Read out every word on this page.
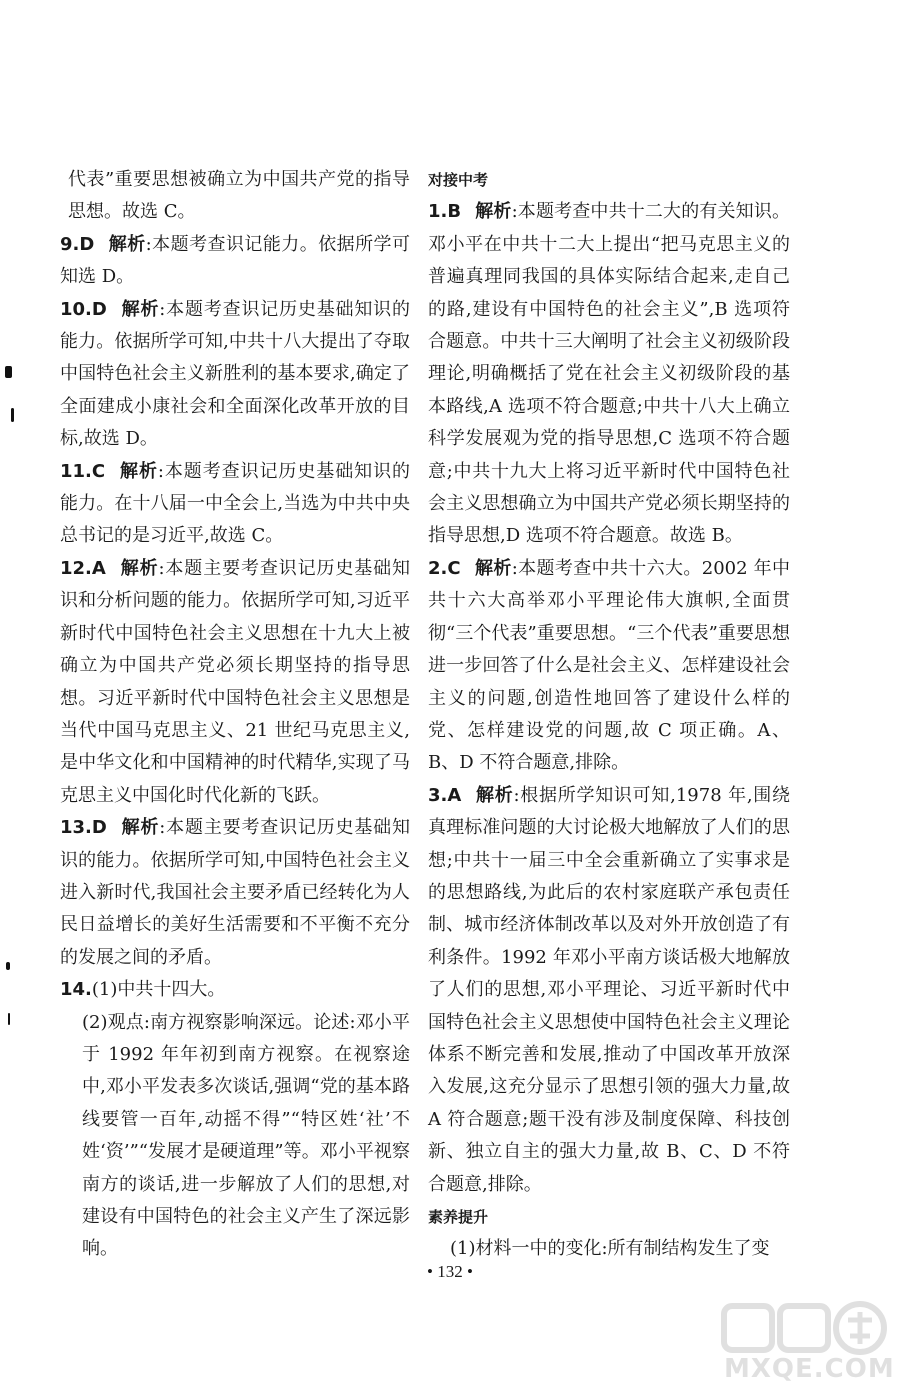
代表”重要思想被确立为中国共产党的指导思想。故选 C。

9.D 解析:本题考查识记能力。依据所学可知选 D。

10.D 解析:本题考查识记历史基础知识的能力。依据所学可知,中共十八大提出了夺取中国特色社会主义新胜利的基本要求,确定了全面建成小康社会和全面深化改革开放的目标,故选 D。

11.C 解析:本题考查识记历史基础知识的能力。在十八届一中全会上,当选为中共中央总书记的是习近平,故选 C。

12.A 解析:本题主要考查识记历史基础知识和分析问题的能力。依据所学可知,习近平新时代中国特色社会主义思想在十九大上被确立为中国共产党必须长期坚持的指导思想。习近平新时代中国特色社会主义思想是当代中国马克思主义、21 世纪马克思主义,是中华文化和中国精神的时代精华,实现了马克思主义中国化时代化新的飞跃。

13.D 解析:本题主要考查识记历史基础知识的能力。依据所学可知,中国特色社会主义进入新时代,我国社会主要矛盾已经转化为人民日益增长的美好生活需要和不平衡不充分的发展之间的矛盾。

14.(1)中共十四大。

(2)观点:南方视察影响深远。论述:邓小平于 1992 年年初到南方视察。在视察途中,邓小平发表多次谈话,强调“党的基本路线要管一百年,动摇不得”“特区姓‘社’不姓‘资’”“发展才是硬道理”等。邓小平视察南方的谈话,进一步解放了人们的思想,对建设有中国特色的社会主义产生了深远影响。

对接中考

1.B 解析:本题考查中共十二大的有关知识。邓小平在中共十二大上提出“把马克思主义的普遍真理同我国的具体实际结合起来,走自己的路,建设有中国特色的社会主义”,B 选项符合题意。中共十三大阐明了社会主义初级阶段理论,明确概括了党在社会主义初级阶段的基本路线,A 选项不符合题意;中共十八大上确立科学发展观为党的指导思想,C 选项不符合题意;中共十九大上将习近平新时代中国特色社会主义思想确立为中国共产党必须长期坚持的指导思想,D 选项不符合题意。故选 B。

2.C 解析:本题考查中共十六大。2002 年中共十六大高举邓小平理论伟大旗帜,全面贯彻“三个代表”重要思想。“三个代表”重要思想进一步回答了什么是社会主义、怎样建设社会主义的问题,创造性地回答了建设什么样的党、怎样建设党的问题,故 C 项正确。A、B、D 不符合题意,排除。

3.A 解析:根据所学知识可知,1978 年,围绕真理标准问题的大讨论极大地解放了人们的思想;中共十一届三中全会重新确立了实事求是的思想路线,为此后的农村家庭联产承包责任制、城市经济体制改革以及对外开放创造了有利条件。1992 年邓小平南方谈话极大地解放了人们的思想,邓小平理论、习近平新时代中国特色社会主义思想使中国特色社会主义理论体系不断完善和发展,推动了中国改革开放深入发展,这充分显示了思想引领的强大力量,故 A 符合题意;题干没有涉及制度保障、科技创新、独立自主的强大力量,故 B、C、D 不符合题意,排除。

素养提升

(1)材料一中的变化:所有制结构发生了变

• 132 •
MXQE.COM
